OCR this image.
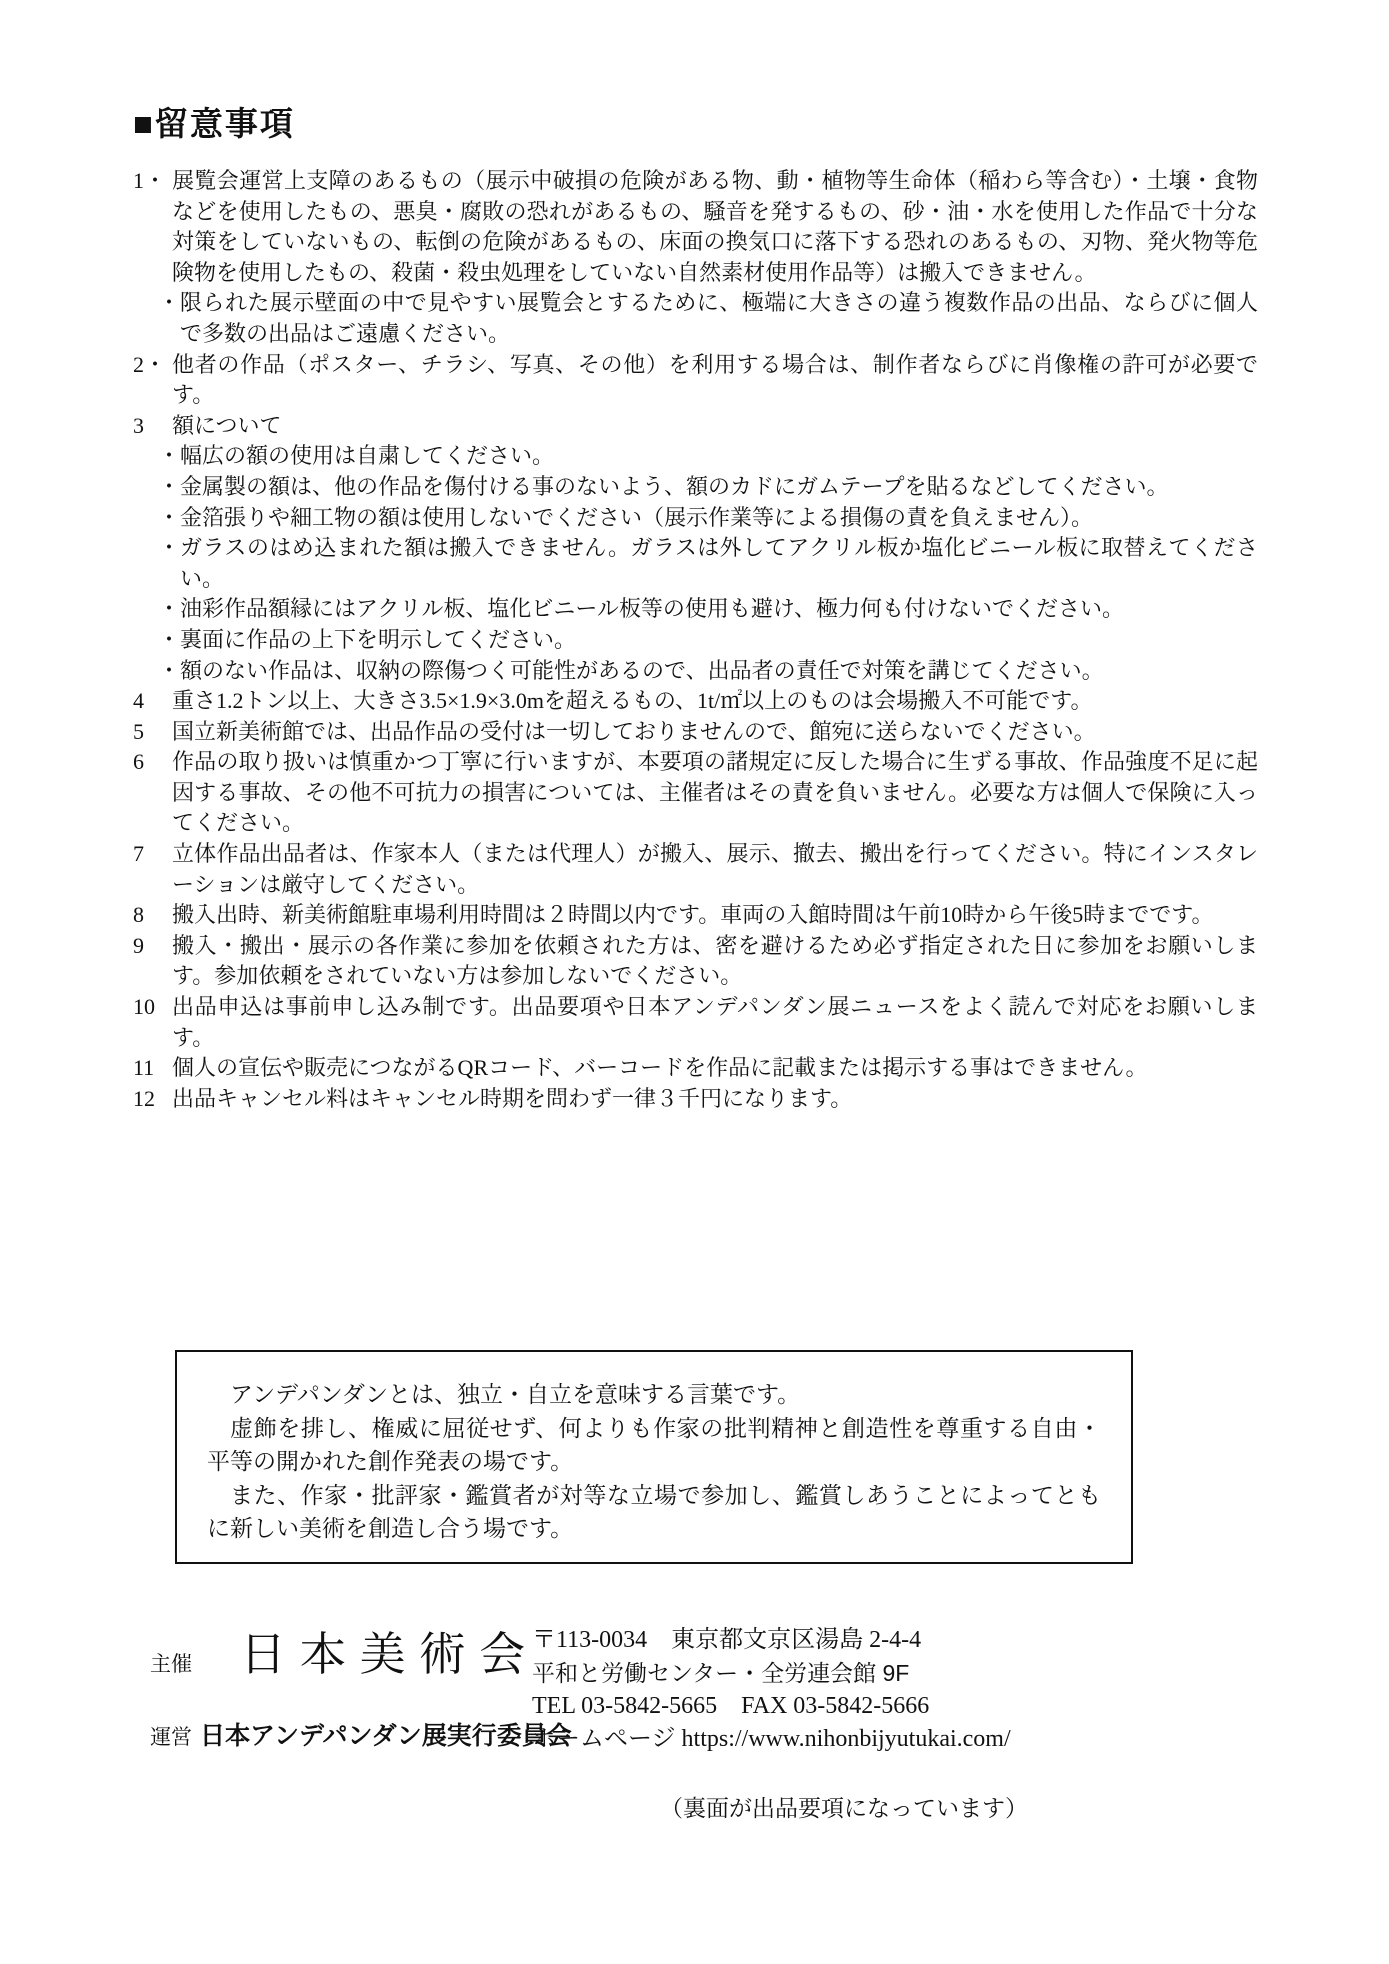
■留意事項
1・ 展覧会運営上支障のあるもの（展示中破損の危険がある物、動・植物等生命体（稲わら等含む）・土壌・食物などを使用したもの、悪臭・腐敗の恐れがあるもの、騒音を発するもの、砂・油・水を使用した作品で十分な対策をしていないもの、転倒の危険があるもの、床面の換気口に落下する恐れのあるもの、刃物、発火物等危険物を使用したもの、殺菌・殺虫処理をしていない自然素材使用作品等）は搬入できません。
・ 限られた展示壁面の中で見やすい展覧会とするために、極端に大きさの違う複数作品の出品、ならびに個人で多数の出品はご遠慮ください。
2・ 他者の作品（ポスター、チラシ、写真、その他）を利用する場合は、制作者ならびに肖像権の許可が必要です。
3	額について
・ 幅広の額の使用は自粛してください。
・ 金属製の額は、他の作品を傷付ける事のないよう、額のカドにガムテープを貼るなどしてください。
・ 金箔張りや細工物の額は使用しないでください（展示作業等による損傷の責を負えません）。
・ ガラスのはめ込まれた額は搬入できません。ガラスは外してアクリル板か塩化ビニール板に取替えてください。
・ 油彩作品額縁にはアクリル板、塩化ビニール板等の使用も避け、極力何も付けないでください。
・ 裏面に作品の上下を明示してください。
・ 額のない作品は、収納の際傷つく可能性があるので、出品者の責任で対策を講じてください。
4	重さ1.2トン以上、大きさ3.5×1.9×3.0mを超えるもの、1t/㎡以上のものは会場搬入不可能です。
5	国立新美術館では、出品作品の受付は一切しておりませんので、館宛に送らないでください。
6	作品の取り扱いは慎重かつ丁寧に行いますが、本要項の諸規定に反した場合に生ずる事故、作品強度不足に起因する事故、その他不可抗力の損害については、主催者はその責を負いません。必要な方は個人で保険に入ってください。
7	立体作品出品者は、作家本人（または代理人）が搬入、展示、撤去、搬出を行ってください。特にインスタレーションは厳守してください。
8	搬入出時、新美術館駐車場利用時間は２時間以内です。車両の入館時間は午前10時から午後5時までです。
9	搬入・搬出・展示の各作業に参加を依頼された方は、密を避けるため必ず指定された日に参加をお願いします。参加依頼をされていない方は参加しないでください。
10 出品申込は事前申し込み制です。出品要項や日本アンデパンダン展ニュースをよく読んで対応をお願いします。
11 個人の宣伝や販売につながるQRコード、バーコードを作品に記載または掲示する事はできません。
12 出品キャンセル料はキャンセル時期を問わず一律３千円になります。

アンデパンダンとは、独立・自立を意味する言葉です。

虚飾を排し、権威に屈従せず、何よりも作家の批判精神と創造性を尊重する自由・平等の開かれた創作発表の場です。

また、作家・批評家・鑑賞者が対等な立場で参加し、鑑賞しあうことによってともに新しい美術を創造し合う場です。

主催 日本美術会
運営 日本アンデパンダン展実行委員会
〒113-0034　東京都文京区湯島 2-4-4
平和と労働センター・全労連会館 9F
TEL 03-5842-5665　FAX 03-5842-5666
ホームページ https://www.nihonbijyutukai.com/
（裏面が出品要項になっています）
